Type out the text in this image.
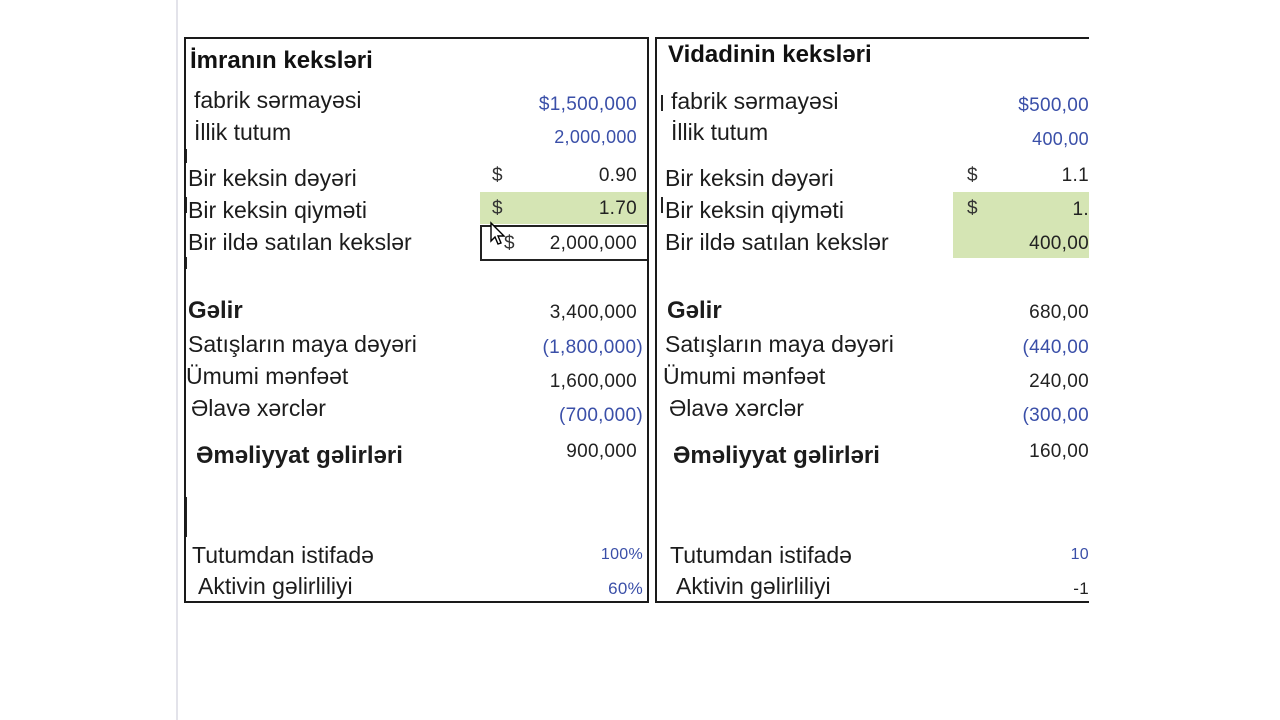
İmranın keksləri
fabrik sərmayəsi	$1,500,000
İllik tutum	2,000,000
Bir keksin dəyəri	$	0.90
Bir keksin qiyməti	$	1.70
Bir ildə satılan kekslər	$ 2,000,000
Gəlir	3,400,000
Satışların maya dəyəri	(1,800,000)
Ümumi mənfəət	1,600,000
Əlavə xərclər	(700,000)
Əməliyyat gəlirləri	900,000
Tutumdan istifadə	100%
Aktivin gəlirliliyi	60%
Vidadinin keksləri
fabrik sərmayəsi	$500,00
İllik tutum	400,00
Bir keksin dəyəri	$	1.1
Bir keksin qiyməti	$	1.
Bir ildə satılan kekslər	400,00
Gəlir	680,00
Satışların maya dəyəri	(440,00
Ümumi mənfəət	240,00
Əlavə xərclər	(300,00
Əməliyyat gəlirləri	160,00
Tutumdan istifadə	10
Aktivin gəlirliliyi	-1
